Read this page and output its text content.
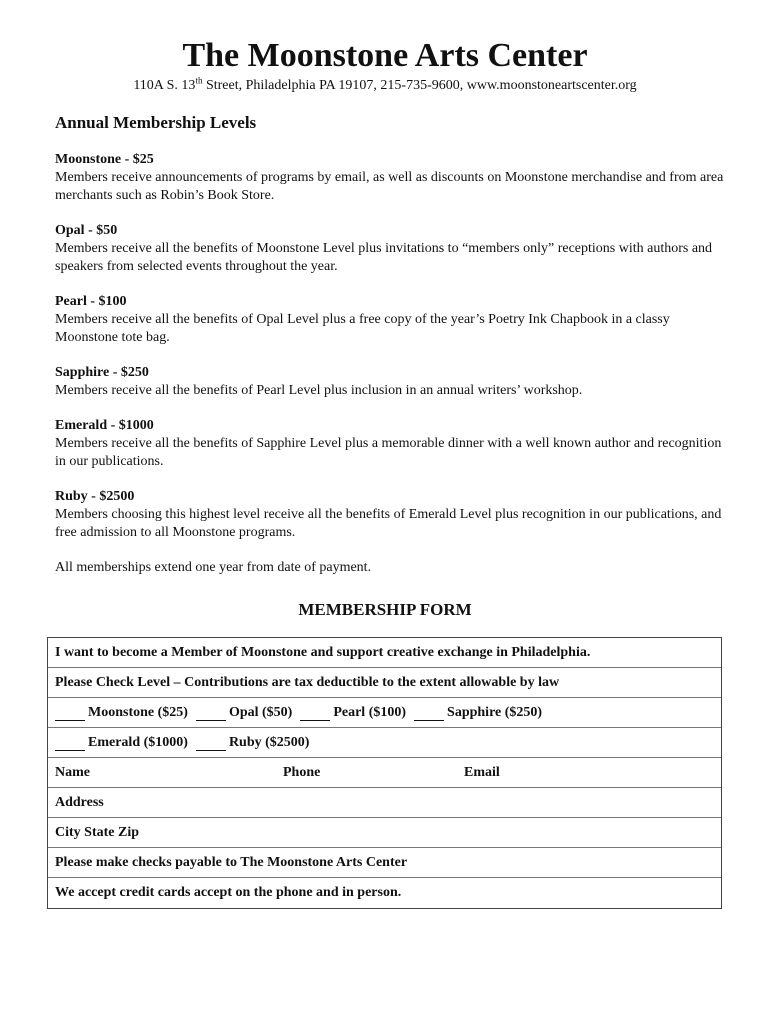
The Moonstone Arts Center
110A S. 13th Street, Philadelphia PA 19107, 215-735-9600, www.moonstoneartscenter.org
Annual Membership Levels
Moonstone - $25
Members receive announcements of programs by email, as well as discounts on Moonstone merchandise and from area merchants such as Robin’s Book Store.
Opal - $50
Members receive all the benefits of Moonstone Level plus invitations to “members only” receptions with authors and speakers from selected events throughout the year.
Pearl - $100
Members receive all the benefits of Opal Level plus a free copy of the year’s Poetry Ink Chapbook in a classy Moonstone tote bag.
Sapphire - $250
Members receive all the benefits of Pearl Level plus inclusion in an annual writers’ workshop.
Emerald - $1000
Members receive all the benefits of Sapphire Level plus a memorable dinner with a well known author and recognition in our publications.
Ruby - $2500
Members choosing this highest level receive all the benefits of Emerald Level plus recognition in our publications, and free admission to all Moonstone programs.
All memberships extend one year from date of payment.
MEMBERSHIP FORM
I want to become a Member of Moonstone and support creative exchange in Philadelphia.
Please Check Level – Contributions are tax deductible to the extent allowable by law
Moonstone ($25)	Opal ($50)	Pearl ($100)	Sapphire ($250)
Emerald ($1000)	Ruby ($2500)
Name	Phone	Email
Address
City State Zip
Please make checks payable to The Moonstone Arts Center
We accept credit cards accept on the phone and in person.
